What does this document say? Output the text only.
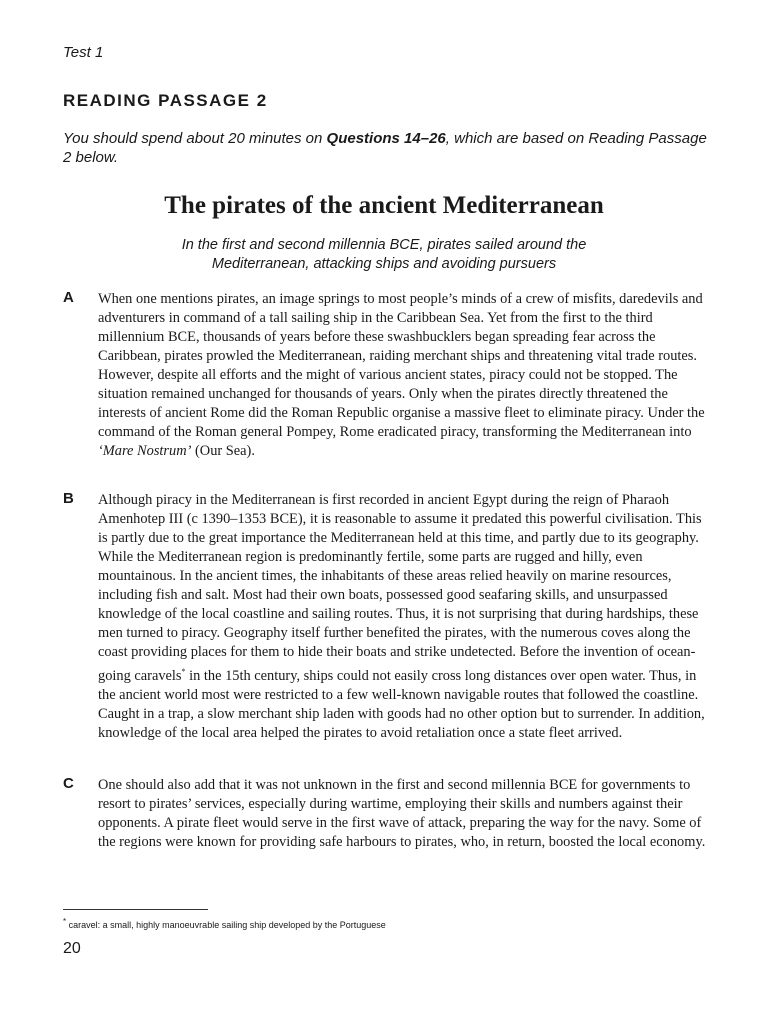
Test 1
READING PASSAGE 2
You should spend about 20 minutes on Questions 14–26, which are based on Reading Passage 2 below.
The pirates of the ancient Mediterranean
In the first and second millennia BCE, pirates sailed around the Mediterranean, attacking ships and avoiding pursuers
A When one mentions pirates, an image springs to most people’s minds of a crew of misfits, daredevils and adventurers in command of a tall sailing ship in the Caribbean Sea. Yet from the first to the third millennium BCE, thousands of years before these swashbucklers began spreading fear across the Caribbean, pirates prowled the Mediterranean, raiding merchant ships and threatening vital trade routes. However, despite all efforts and the might of various ancient states, piracy could not be stopped. The situation remained unchanged for thousands of years. Only when the pirates directly threatened the interests of ancient Rome did the Roman Republic organise a massive fleet to eliminate piracy. Under the command of the Roman general Pompey, Rome eradicated piracy, transforming the Mediterranean into ‘Mare Nostrum’ (Our Sea).
B Although piracy in the Mediterranean is first recorded in ancient Egypt during the reign of Pharaoh Amenhotep III (c 1390–1353 BCE), it is reasonable to assume it predated this powerful civilisation. This is partly due to the great importance the Mediterranean held at this time, and partly due to its geography. While the Mediterranean region is predominantly fertile, some parts are rugged and hilly, even mountainous. In the ancient times, the inhabitants of these areas relied heavily on marine resources, including fish and salt. Most had their own boats, possessed good seafaring skills, and unsurpassed knowledge of the local coastline and sailing routes. Thus, it is not surprising that during hardships, these men turned to piracy. Geography itself further benefited the pirates, with the numerous coves along the coast providing places for them to hide their boats and strike undetected. Before the invention of ocean-going caravels* in the 15th century, ships could not easily cross long distances over open water. Thus, in the ancient world most were restricted to a few well-known navigable routes that followed the coastline. Caught in a trap, a slow merchant ship laden with goods had no other option but to surrender. In addition, knowledge of the local area helped the pirates to avoid retaliation once a state fleet arrived.
C One should also add that it was not unknown in the first and second millennia BCE for governments to resort to pirates’ services, especially during wartime, employing their skills and numbers against their opponents. A pirate fleet would serve in the first wave of attack, preparing the way for the navy. Some of the regions were known for providing safe harbours to pirates, who, in return, boosted the local economy.
* caravel: a small, highly manoeuvrable sailing ship developed by the Portuguese
20
